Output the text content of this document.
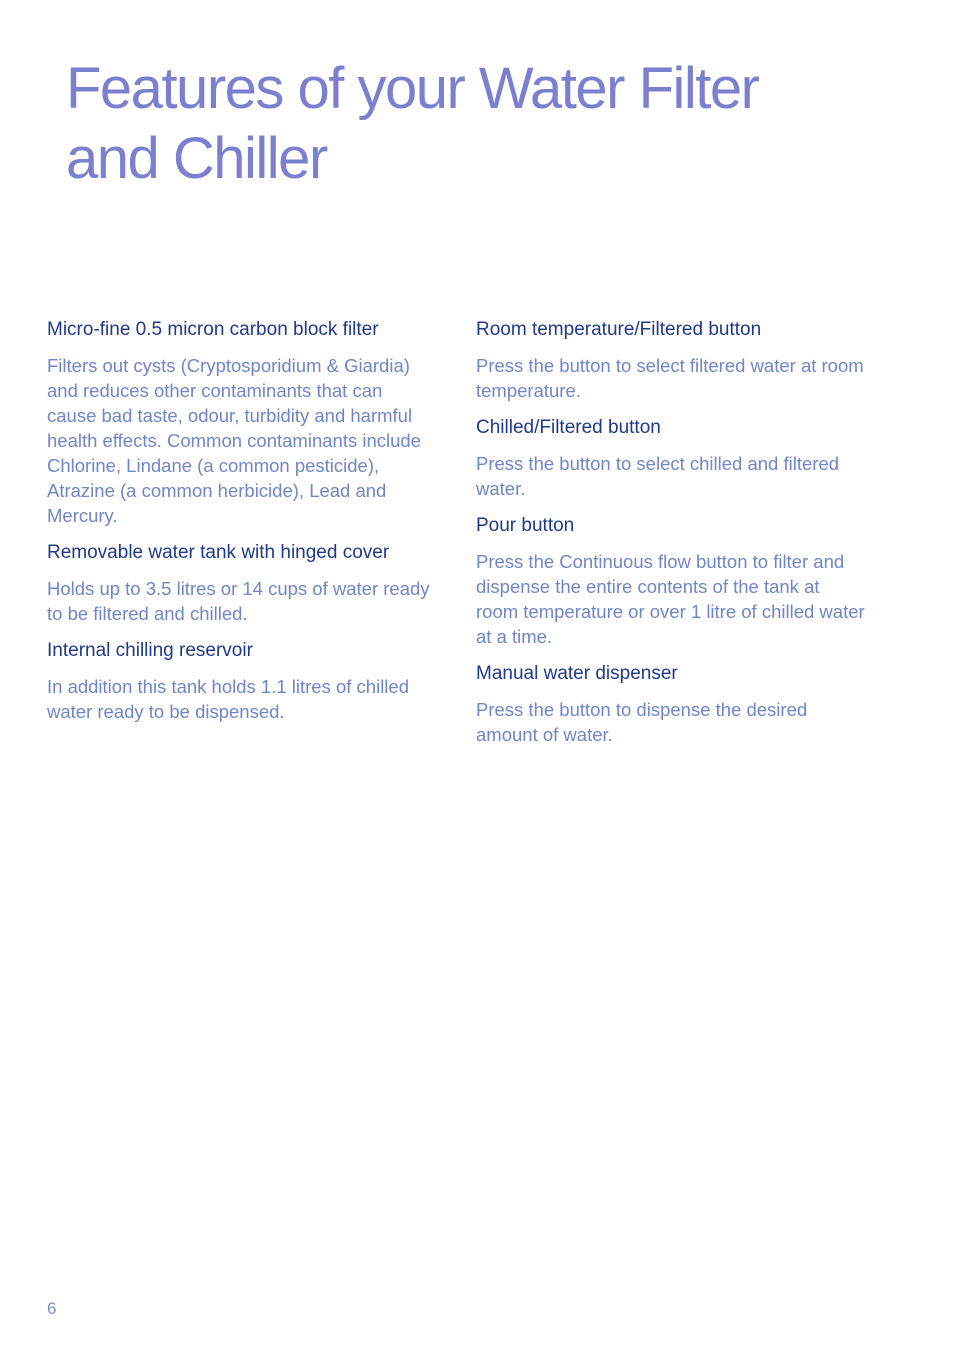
Features of your Water Filter
and Chiller
Micro-fine 0.5 micron carbon block filter

Filters out cysts (Cryptosporidium & Giardia)
and reduces other contaminants that can
cause bad taste, odour, turbidity and harmful
health effects. Common contaminants include
Chlorine, Lindane (a common pesticide),
Atrazine (a common herbicide), Lead and
Mercury.

Removable water tank with hinged cover

Holds up to 3.5 litres or 14 cups of water ready
to be filtered and chilled.

Internal chilling reservoir

In addition this tank holds 1.1 litres of chilled
water ready to be dispensed.

Room temperature/Filtered button

Press the button to select filtered water at room
temperature.

Chilled/Filtered button

Press the button to select chilled and filtered
water.

Pour button

Press the Continuous flow button to filter and
dispense the entire contents of the tank at
room temperature or over 1 litre of chilled water
at a time.

Manual water dispenser

Press the button to dispense the desired
amount of water.

6
